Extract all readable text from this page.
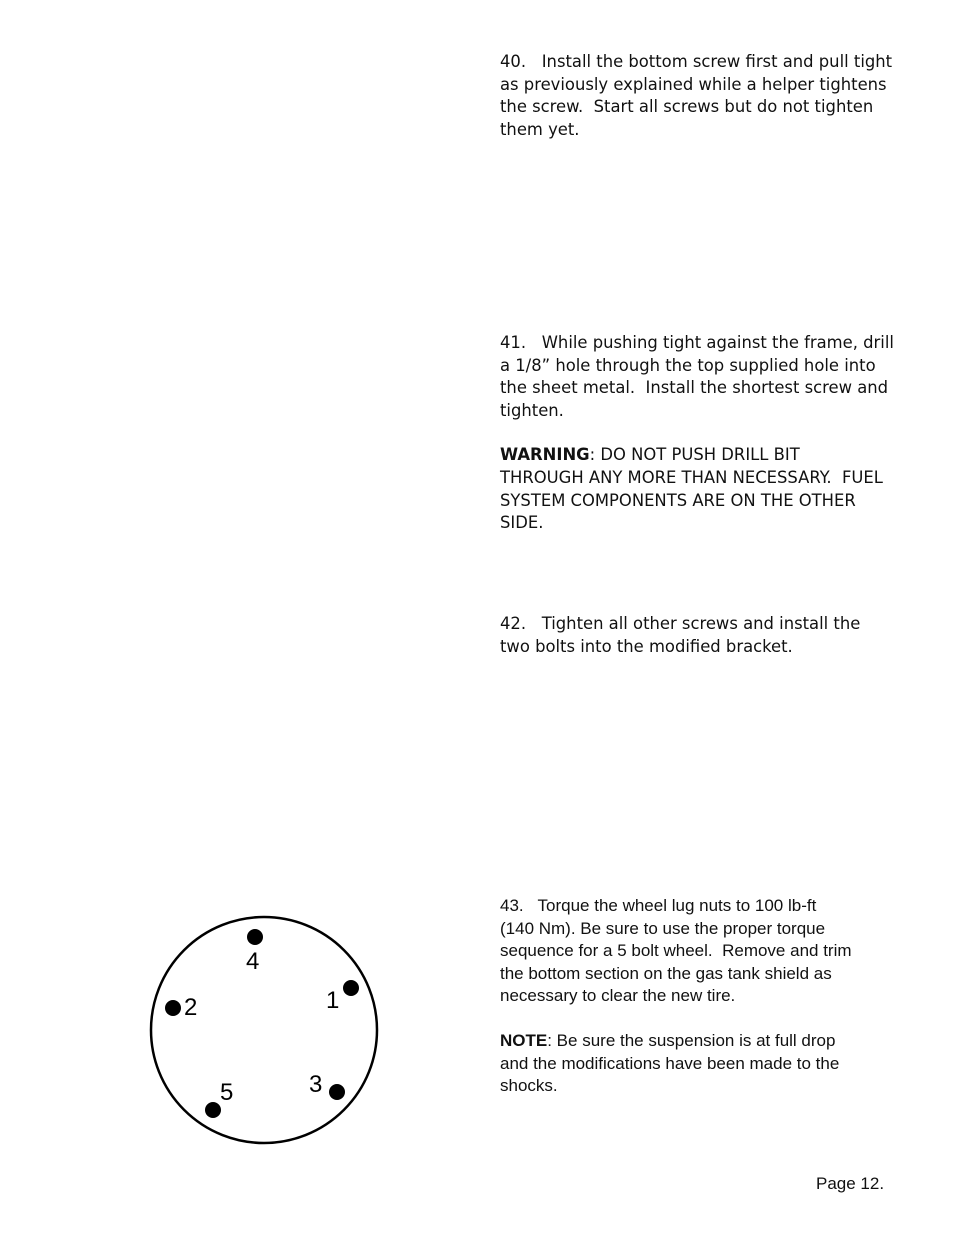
40. Install the bottom screw first and pull tight

as previously explained while a helper tightens

the screw.  Start all screws but do not tighten

them yet.

41. While pushing tight against the frame, drill

a 1/8” hole through the top supplied hole into

the sheet metal.  Install the shortest screw and

tighten.

WARNING: DO NOT PUSH DRILL BIT

THROUGH ANY MORE THAN NECESSARY.  FUEL

SYSTEM COMPONENTS ARE ON THE OTHER

SIDE.

42. Tighten all other screws and install the

two bolts into the modified bracket.

43. Torque the wheel lug nuts to 100 lb-ft

(140 Nm). Be sure to use the proper torque

sequence for a 5 bolt wheel.  Remove and trim

the bottom section on the gas tank shield as

necessary to clear the new tire.

NOTE: Be sure the suspension is at full drop

and the modifications have been made to the

shocks.

4
1
2
3
5
Page 12.
